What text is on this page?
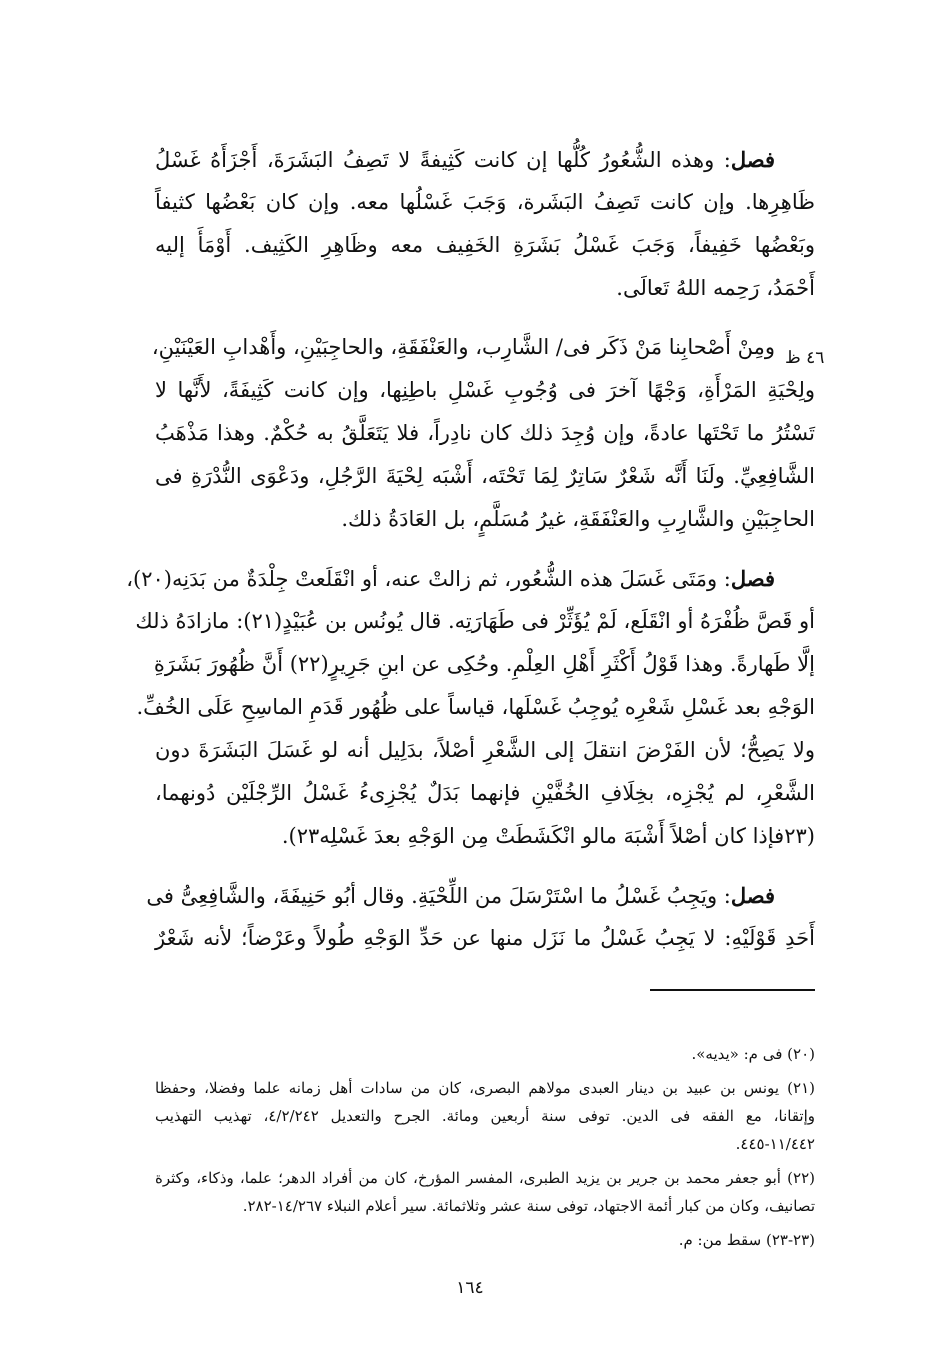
٤٦ ظ
فصل: وهذه الشُّعُورُ كُلُّها إن كانت كَثِيفةً لا تَصِفُ البَشَرَةَ، أَجْزَأَهُ غَسْلُ
ظَاهِرِها. وإن كانت تَصِفُ البَشَرة، وَجَبَ غَسْلُها معه. وإن كان بَعْضُها كثيفاً
وبَعْضُها خَفِيفاً، وَجَبَ غَسْلُ بَشَرَةِ الخَفِيف معه وظَاهِرِ الكَثِيف. أَوْمَأَ إليه
أَحْمَدُ، رَحِمه اللهُ تَعالَى.
ومِنْ أَصْحابِنا مَنْ ذَكَر فى/ الشَّارِب، والعَنْفَقَةِ، والحاجِبَيْنِ، وأَهْدابِ العَيْنَيْنِ،
ولِحْيَةِ المَرْأَةِ، وَجْهًا آخرَ فى وُجُوبِ غَسْلِ باطِنِها، وإن كانت كَثِيفَةً، لأَنَّها لا
تَسْتُرُ ما تَحْتَها عادةً، وإن وُجِدَ ذلك كان نادِراً، فلا يَتَعَلَّقُ به حُكْمٌ. وهذا مَذْهَبُ
الشَّافِعِيِّ. ولَنَا أَنَّه شَعْرٌ سَاتِرٌ لِمَا تَحْتَه، أَشْبَه لِحْيَةَ الرَّجُلِ، ودَعْوَى النُّدْرَةِ فى
الحاجِبَيْنِ والشَّارِبِ والعَنْفَقَةِ، غيرُ مُسَلَّمٍ، بل العَادَةُ ذلك.
فصل: ومَتَى غَسَلَ هذه الشُّعُور، ثم زالتْ عنه، أو انْقَلَعتْ جِلْدَةٌ من بَدَنِه(٢٠)،
أو قَصَّ ظُفْرَهُ أو انْقَلَع، لَمْ يُؤَثِّرْ فى طَهَارَتِه. قال يُونُس بن عُبَيْدٍ(٢١): مازادَهُ ذلك
إلَّا طَهارةً. وهذا قَوْلُ أَكْثَرِ أَهْلِ العِلْمِ. وحُكِى عن ابنِ جَرِيرٍ(٢٢) أَنَّ ظُهُورَ بَشَرَةِ
الوَجْهِ بعد غَسْلِ شَعْرِه يُوجِبُ غَسْلَها، قياساً على ظُهُور قَدَمِ الماسِحِ عَلَى الخُفِّ.
ولا يَصِحُّ؛ لأن الفَرْضَ انتقلَ إلى الشَّعْرِ أصْلاً، بدَلِيل أنه لو غَسَلَ البَشَرَةَ دون
الشَّعْرِ، لم يُجْزِه، بخِلَافِ الخُفَّيْنِ فإنهما بَدَلٌ يُجْزِىءُ غَسْلُ الرِّجْلَيْن دُونهما،
(٢٣فإذا كان أصْلاً أَشْبَهَ مالو انْكَشَطَتْ مِن الوَجْهِ بعدَ غَسْلِه٢٣).
فصل: ويَجِبُ غَسْلُ ما اسْتَرْسَلَ من اللِّحْيَةِ. وقال أبُو حَنِيفَةَ، والشَّافِعِىُّ فى
أَحَدِ قَوْلَيْهِ: لا يَجِبُ غَسْلُ ما نَزَل منها عن حَدِّ الوَجْهِ طُولاً وعَرْضاً؛ لأنه شَعْرٌ
(٢٠) فى م: «يديه».
(٢١) يونس بن عبيد بن دينار العبدى مولاهم البصرى، كان من سادات أهل زمانه علما وفضلا، وحفظا
وإتقانا، مع الفقه فى الدين. توفى سنة أربعين ومائة. الجرح والتعديل ٤/٢/٢٤٢، تهذيب التهذيب
١١/٤٤٢-٤٤٥.
(٢٢) أبو جعفر محمد بن جرير بن يزيد الطبرى، المفسر المؤرخ، كان من أفراد الدهر؛ علما، وذكاء، وكثرة
تصانيف، وكان من كبار أئمة الاجتهاد، توفى سنة عشر وثلاثمائة. سير أعلام النبلاء ١٤/٢٦٧-٢٨٢.
(٢٣-٢٣) سقط من: م.
١٦٤
